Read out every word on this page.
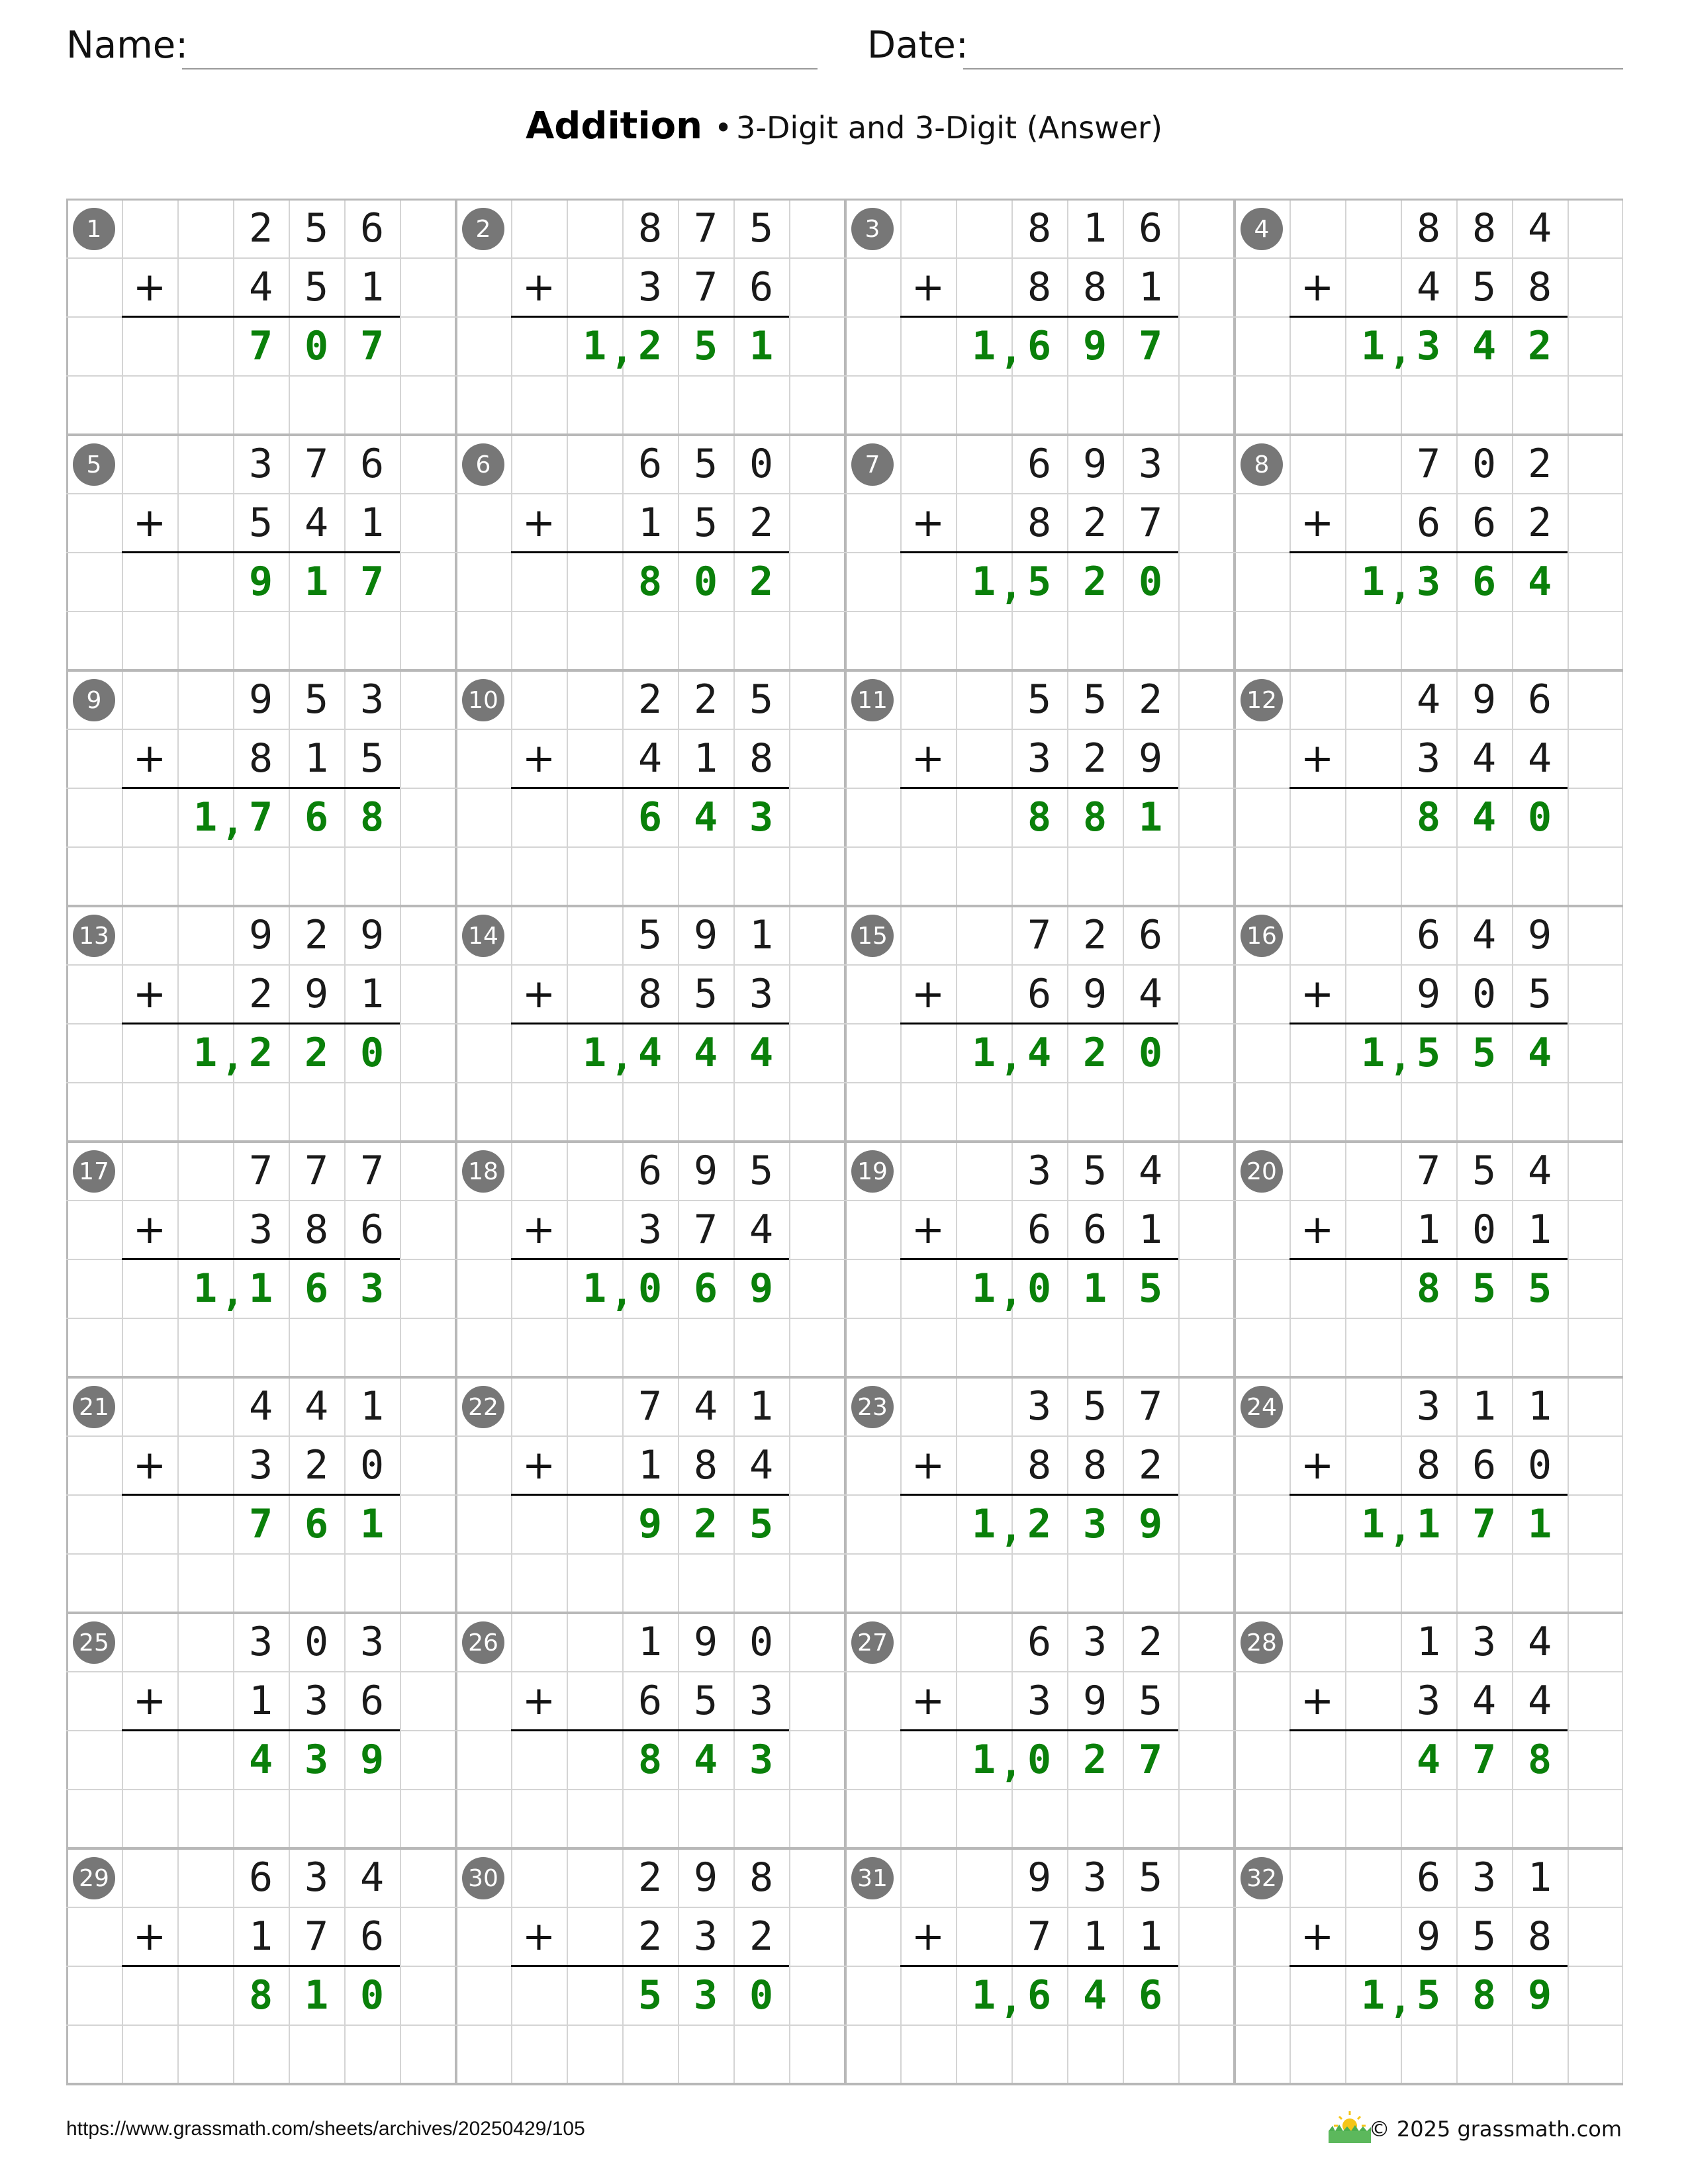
Name:	Date:
Addition • 3-Digit and 3-Digit (Answer)
1	2 5 6
+	4 5 1
7 0 7
2	8 7 5
+	3 7 6
1 2 5 1
,
3	8 1 6
+	8 8 1
1 6 9 7
,
4	8 8 4
+	4 5 8
1 3 4 2
,
5	3 7 6
+	5 4 1
9 1 7
6	6 5 0
+	1 5 2
8 0 2
7	6 9 3
+	8 2 7
1 5 2 0
,
8	7 0 2
+	6 6 2
1 3 6 4
,
9	9 5 3
+	8 1 5
1 7 6 8
,
10	2 2 5
+	4 1 8
6 4 3
11	5 5 2
+	3 2 9
8 8 1
12	4 9 6
+	3 4 4
8 4 0
13	9 2 9
+	2 9 1
1 2 2 0
,
14	5 9 1
+	8 5 3
1 4 4 4
,
15	7 2 6
+	6 9 4
1 4 2 0
,
16	6 4 9
+	9 0 5
1 5 5 4
,
17	7 7 7
+	3 8 6
1 1 6 3
,
18	6 9 5
+	3 7 4
1 0 6 9
,
19	3 5 4
+	6 6 1
1 0 1 5
,
20	7 5 4
+	1 0 1
8 5 5
21	4 4 1
+	3 2 0
7 6 1
22	7 4 1
+	1 8 4
9 2 5
23	3 5 7
+	8 8 2
1 2 3 9
,
24	3 1 1
+	8 6 0
1 1 7 1
,
25	3 0 3
+	1 3 6
4 3 9
26	1 9 0
+	6 5 3
8 4 3
27	6 3 2
+	3 9 5
1 0 2 7
,
28	1 3 4
+	3 4 4
4 7 8
29	6 3 4
+	1 7 6
8 1 0
30	2 9 8
+	2 3 2
5 3 0
31	9 3 5
+	7 1 1
1 6 4 6
,
32	6 3 1
+	9 5 8
1 5 8 9
,
https://www.grassmath.com/sheets/archives/20250429/105	© 2025 grassmath.com
